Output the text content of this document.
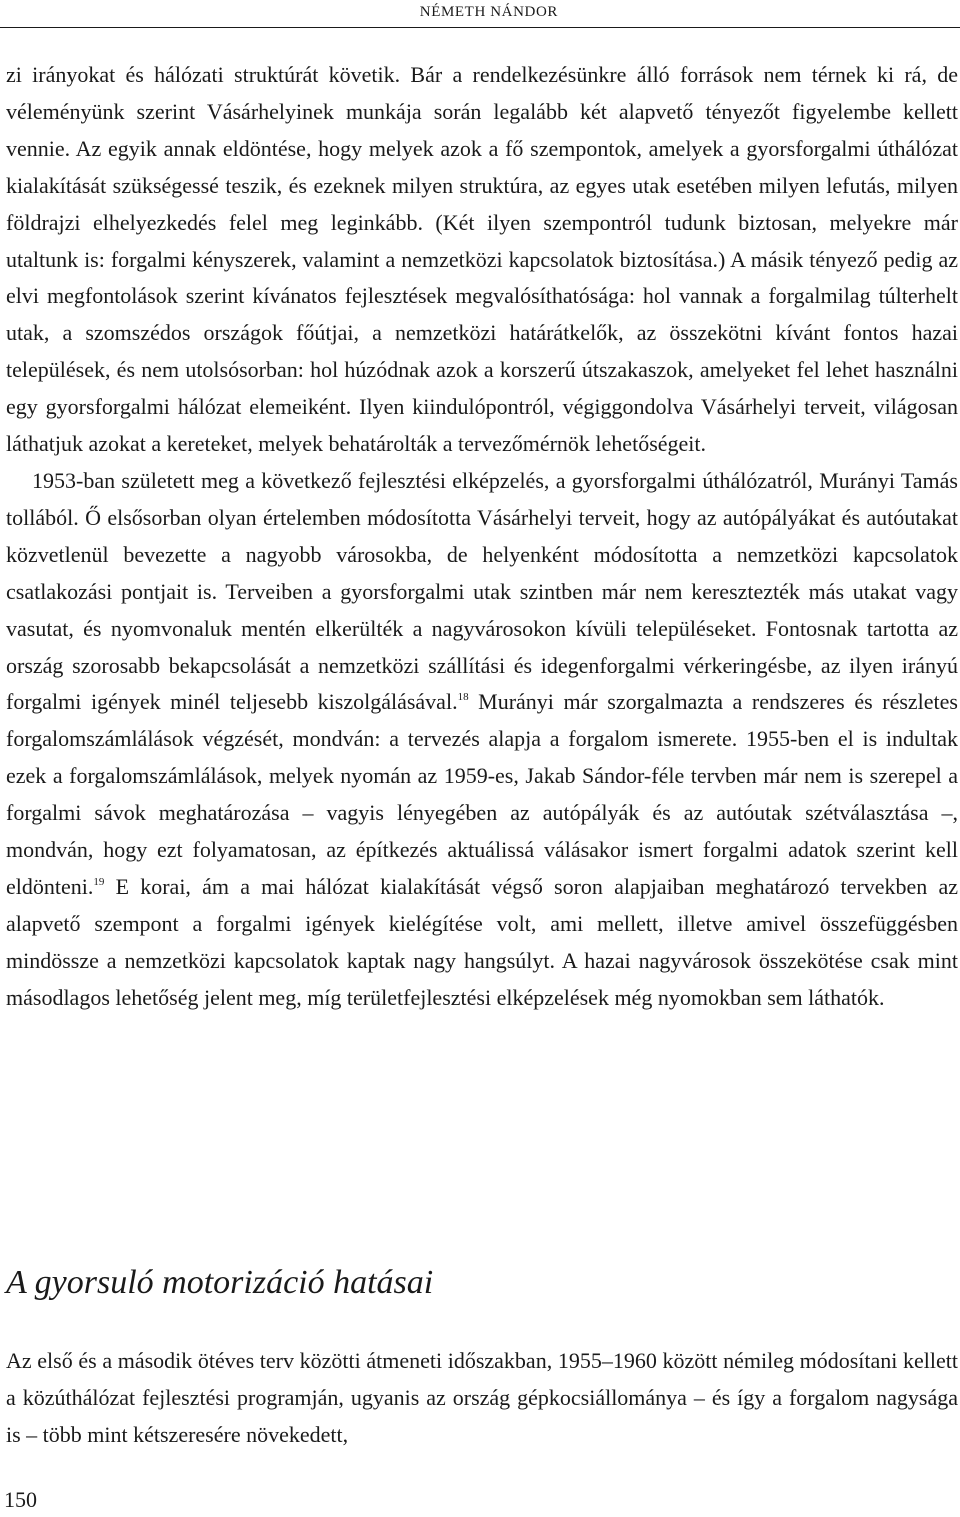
NÉMETH NÁNDOR

zi irányokat és hálózati struktúrát követik. Bár a rendelkezésünkre álló források nem térnek ki rá, de véleményünk szerint Vásárhelyinek munkája során legalább két alapvető tényezőt figyelembe kellett vennie. Az egyik annak eldöntése, hogy melyek azok a fő szempontok, amelyek a gyorsforgalmi úthálózat kialakítását szükségessé teszik, és ezeknek milyen struktúra, az egyes utak esetében milyen lefutás, milyen földrajzi elhelyezkedés felel meg leginkább. (Két ilyen szempontról tudunk biztosan, melyekre már utaltunk is: forgalmi kényszerek, valamint a nemzetközi kapcsolatok biztosítása.) A másik tényező pedig az elvi megfontolások szerint kívánatos fejlesztések megvalósíthatósága: hol vannak a forgalmilag túlterhelt utak, a szomszédos országok főútjai, a nemzetközi határátkelők, az összekötni kívánt fontos hazai települések, és nem utolsósorban: hol húzódnak azok a korszerű útszakaszok, amelyeket fel lehet használni egy gyorsforgalmi hálózat elemeiként. Ilyen kiindulópontról, végiggondolva Vásárhelyi terveit, világosan láthatjuk azokat a kereteket, melyek behatárolták a tervezőmérnök lehetőségeit.

1953-ban született meg a következő fejlesztési elképzelés, a gyorsforgalmi úthálózatról, Murányi Tamás tollából. Ő elsősorban olyan értelemben módosította Vásárhelyi terveit, hogy az autópályákat és autóutakat közvetlenül bevezette a nagyobb városokba, de helyenként módosította a nemzetközi kapcsolatok csatlakozási pontjait is. Terveiben a gyorsforgalmi utak szintben már nem keresztezték más utakat vagy vasutat, és nyomvonaluk mentén elkerülték a nagyvárosokon kívüli településeket. Fontosnak tartotta az ország szorosabb bekapcsolását a nemzetközi szállítási és idegenforgalmi vérkeringésbe, az ilyen irányú forgalmi igények minél teljesebb kiszolgálásával.$^{18}$ Murányi már szorgalmazta a rendszeres és részletes forgalomszámlálások végzését, mondván: a tervezés alapja a forgalom ismerete. 1955-ben el is indultak ezek a forgalomszámlálások, melyek nyomán az 1959-es, Jakab Sándor-féle tervben már nem is szerepel a forgalmi sávok meghatározása – vagyis lényegében az autópályák és az autóutak szétválasztása –, mondván, hogy ezt folyamatosan, az építkezés aktuálissá válásakor ismert forgalmi adatok szerint kell eldönteni.$^{19}$ E korai, ám a mai hálózat kialakítását végső soron alapjaiban meghatározó tervekben az alapvető szempont a forgalmi igények kielégítése volt, ami mellett, illetve amivel összefüggésben mindössze a nemzetközi kapcsolatok kaptak nagy hangsúlyt. A hazai nagyvárosok összekötése csak mint másodlagos lehetőség jelent meg, míg területfejlesztési elképzelések még nyomokban sem láthatók.

A gyorsuló motorizáció hatásai

Az első és a második ötéves terv közötti átmeneti időszakban, 1955–1960 között némileg módosítani kellett a közúthálózat fejlesztési programján, ugyanis az ország gépkocsiállománya – és így a forgalom nagysága is – több mint kétszeresére növekedett,

150
